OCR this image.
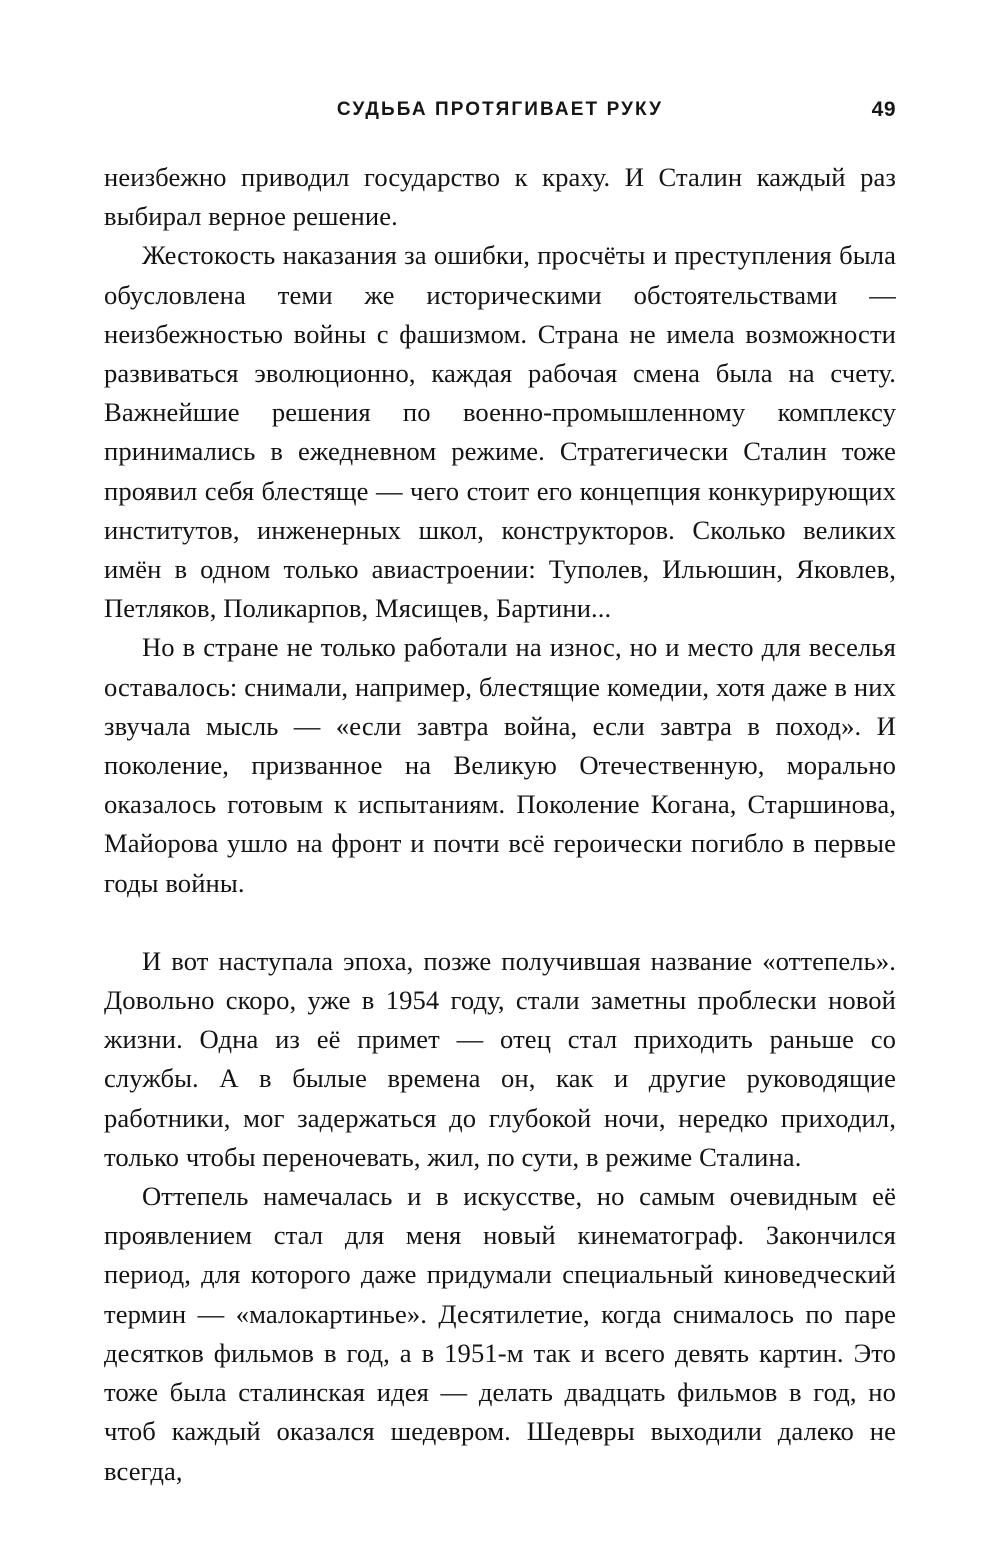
СУДЬБА ПРОТЯГИВАЕТ РУКУ	49

неизбежно приводил государство к краху. И Сталин каждый раз выбирал верное решение.

Жестокость наказания за ошибки, просчёты и преступления была обусловлена теми же историческими обстоятельствами — неизбежностью войны с фашизмом. Страна не имела возможности развиваться эволюционно, каждая рабочая смена была на счету. Важнейшие решения по военно-промышленному комплексу принимались в ежедневном режиме. Стратегически Сталин тоже проявил себя блестяще — чего стоит его концепция конкурирующих институтов, инженерных школ, конструкторов. Сколько великих имён в одном только авиастроении: Туполев, Ильюшин, Яковлев, Петляков, Поликарпов, Мясищев, Бартини...

Но в стране не только работали на износ, но и место для веселья оставалось: снимали, например, блестящие комедии, хотя даже в них звучала мысль — «если завтра война, если завтра в поход». И поколение, призванное на Великую Отечественную, морально оказалось готовым к испытаниям. Поколение Когана, Старшинова, Майорова ушло на фронт и почти всё героически погибло в первые годы войны.

И вот наступала эпоха, позже получившая название «оттепель». Довольно скоро, уже в 1954 году, стали заметны проблески новой жизни. Одна из её примет — отец стал приходить раньше со службы. А в былые времена он, как и другие руководящие работники, мог задержаться до глубокой ночи, нередко приходил, только чтобы переночевать, жил, по сути, в режиме Сталина.

Оттепель намечалась и в искусстве, но самым очевидным её проявлением стал для меня новый кинематограф. Закончился период, для которого даже придумали специальный киноведческий термин — «малокартинье». Десятилетие, когда снималось по паре десятков фильмов в год, а в 1951-м так и всего девять картин. Это тоже была сталинская идея — делать двадцать фильмов в год, но чтоб каждый оказался шедевром. Шедевры выходили далеко не всегда,
